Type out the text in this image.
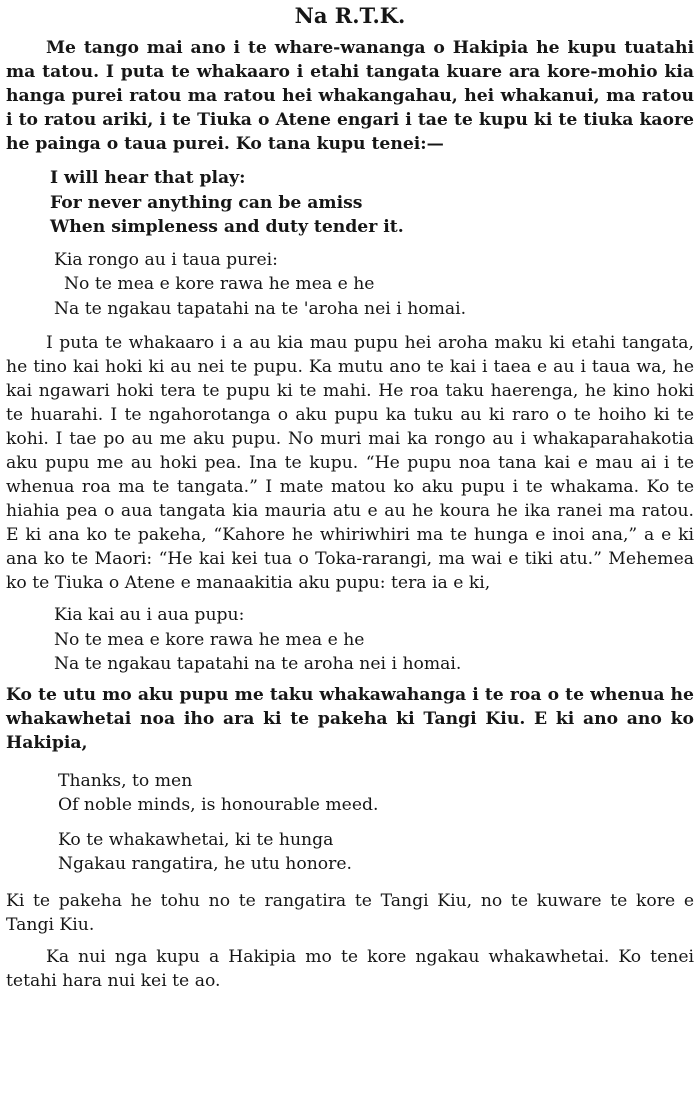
Na R.T.K.

Me tango mai ano i te whare-wananga o Hakipia he kupu tuatahi ma tatou. I puta te whakaaro i etahi tangata kuare ara kore-mohio kia hanga purei ratou ma ratou hei whakangahau, hei whakanui, ma ratou i to ratou ariki, i te Tiuka o Atene engari i tae te kupu ki te tiuka kaore he painga o taua purei. Ko tana kupu tenei:—

I will hear that play:
For never anything can be amiss
When simpleness and duty tender it.
Kia rongo au i taua purei:
No te mea e kore rawa he mea e he
Na te ngakau tapatahi na te 'aroha nei i homai.

I puta te whakaaro i a au kia mau pupu hei aroha maku ki etahi tangata, he tino kai hoki ki au nei te pupu. Ka mutu ano te kai i taea e au i taua wa, he kai ngawari hoki tera te pupu ki te mahi. He roa taku haerenga, he kino hoki te huarahi. I te ngahorotanga o aku pupu ka tuku au ki raro o te hoiho ki te kohi. I tae po au me aku pupu. No muri mai ka rongo au i whakaparahakotia aku pupu me au hoki pea. Ina te kupu. “He pupu noa tana kai e mau ai i te whenua roa ma te tangata.” I mate matou ko aku pupu i te whakama. Ko te hiahia pea o aua tangata kia mauria atu e au he koura he ika ranei ma ratou. E ki ana ko te pakeha, “Kahore he whiriwhiri ma te hunga e inoi ana,” a e ki ana ko te Maori: “He kai kei tua o Toka-rarangi, ma wai e tiki atu.” Mehemea ko te Tiuka o Atene e manaakitia aku pupu: tera ia e ki,

Kia kai au i aua pupu:
No te mea e kore rawa he mea e he
Na te ngakau tapatahi na te aroha nei i homai.

Ko te utu mo aku pupu me taku whakawahanga i te roa o te whenua he whakawhetai noa iho ara ki te pakeha ki Tangi Kiu. E ki ano ano ko Hakipia,

Thanks, to men
Of noble minds, is honourable meed.
Ko te whakawhetai, ki te hunga
Ngakau rangatira, he utu honore.

Ki te pakeha he tohu no te rangatira te Tangi Kiu, no te kuware te kore e Tangi Kiu.

Ka nui nga kupu a Hakipia mo te kore ngakau whakawhetai. Ko tenei tetahi hara nui kei te ao.
